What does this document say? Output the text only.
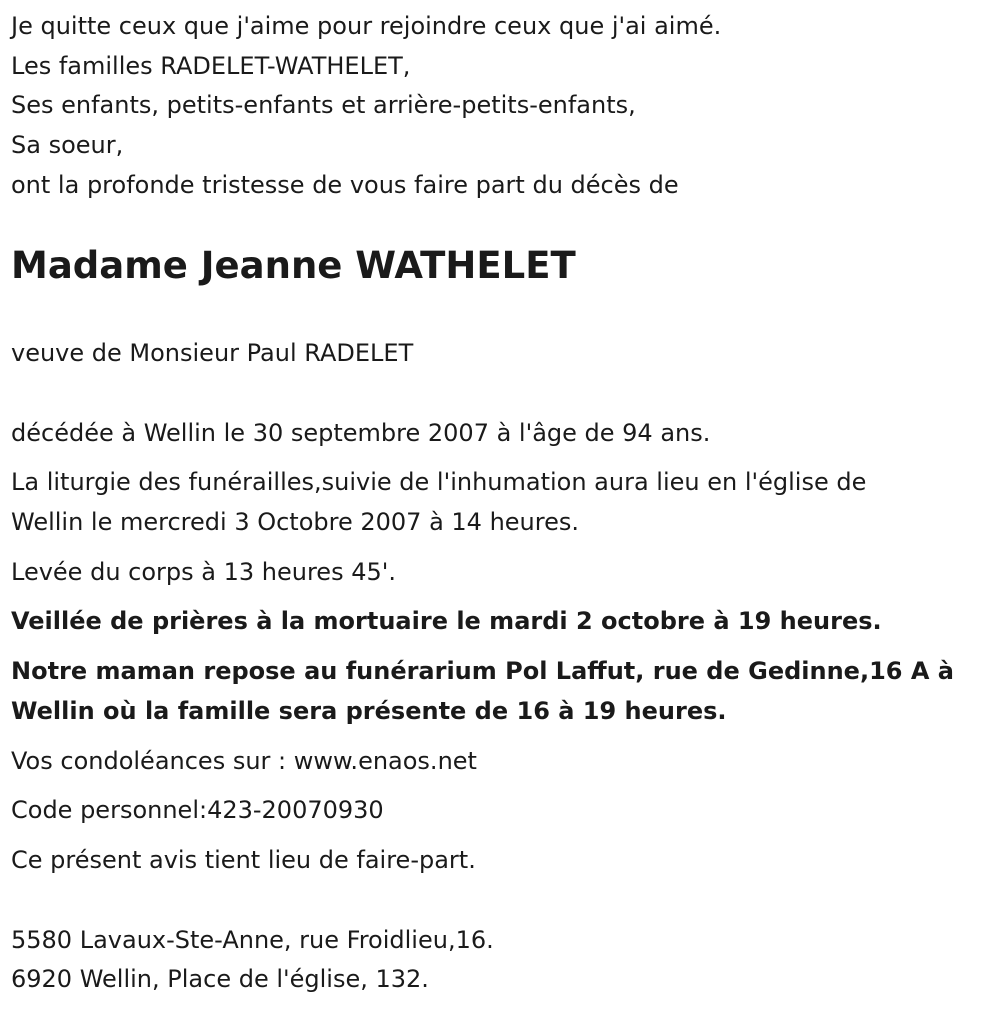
Je quitte ceux que j'aime pour rejoindre ceux que j'ai aimé.
Les familles RADELET-WATHELET,
Ses enfants, petits-enfants et arrière-petits-enfants,
Sa soeur,
ont la profonde tristesse de vous faire part du décès de
Madame Jeanne WATHELET
veuve de Monsieur Paul RADELET
décédée à Wellin le 30 septembre 2007 à l'âge de 94 ans.
La liturgie des funérailles,suivie de l'inhumation aura lieu en l'église de
Wellin le mercredi 3 Octobre 2007 à 14 heures.
Levée du corps à 13 heures 45'.
Veillée de prières à la mortuaire le mardi 2 octobre à 19 heures.
Notre maman repose au funérarium Pol Laffut, rue de Gedinne,16 A à
Wellin où la famille sera présente de 16 à 19 heures.
Vos condoléances sur : www.enaos.net
Code personnel:423-20070930
Ce présent avis tient lieu de faire-part.
5580 Lavaux-Ste-Anne, rue Froidlieu,16.
6920 Wellin, Place de l'église, 132.
